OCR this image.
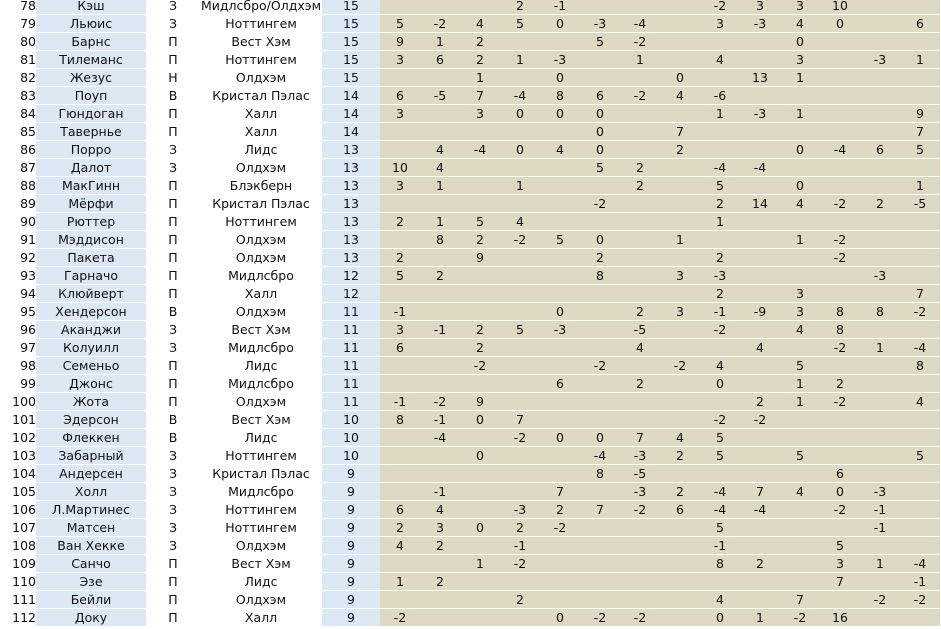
78	Кэш	З	Мидлсбро/Олдхэм	15				2	-1				-2	3	3	10			
79	Льюис	З	Ноттингем	15	5	-2	4	5	0	-3	-4		3	-3	4	0		6	
80	Барнс	П	Вест Хэм	15	9	1	2			5	-2				0				
81	Тилеманс	П	Ноттингем	15	3	6	2	1	-3		1		4		3		-3	1	
82	Жезус	Н	Олдхэм	15			1		0			0		13	1				
83	Поуп	В	Кристал Пэлас	14	6	-5	7	-4	8	6	-2	4	-6						
84	Гюндоган	П	Халл	14	3		3	0	0	0			1	-3	1			9	
85	Таверньe	П	Халл	14						0		7						7	
86	Порро	З	Лидс	13		4	-4	0	4	0		2			0	-4	6	5	
87	Далот	З	Олдхэм	13	10	4				5	2		-4	-4					
88	МакГинн	П	Блэкберн	13	3	1		1			2		5		0			1	
89	Мёрфи	П	Кристал Пэлас	13						-2			2	14	4	-2	2	-5	
90	Рюттер	П	Ноттингем	13	2	1	5	4					1						
91	Мэддисон	П	Олдхэм	13		8	2	-2	5	0		1			1	-2			
92	Пакета	П	Олдхэм	13	2		9			2			2			-2			
93	Гарначо	П	Мидлсбро	12	5	2				8		3	-3				-3		
94	Клюйверт	П	Халл	12									2		3			7	
95	Хендерсон	В	Олдхэм	11	-1				0		2	3	-1	-9	3	8	8	-2	
96	Аканджи	З	Вест Хэм	11	3	-1	2	5	-3		-5		-2		4	8			
97	Колуилл	З	Мидлсбро	11	6		2				4			4		-2	1	-4	
98	Семеньо	П	Лидс	11			-2			-2		-2	4		5			8	
99	Джонс	П	Мидлсбро	11					6		2		0		1	2			
100	Жота	П	Олдхэм	11	-1	-2	9							2	1	-2		4	
101	Эдерсон	В	Вест Хэм	10	8	-1	0	7					-2	-2					
102	Флеккен	В	Лидс	10		-4		-2	0	0	7	4	5						
103	Забарный	З	Ноттингем	10			0			-4	-3	2	5		5			5	
104	Андерсен	З	Кристал Пэлас	9						8	-5					6			
105	Холл	З	Мидлсбро	9		-1			7		-3	2	-4	7	4	0	-3		
106	Л.Мартинес	З	Ноттингем	9	6	4		-3	2	7	-2	6	-4	-4		-2	-1		
107	Матсен	З	Ноттингем	9	2	3	0	2	-2				5				-1		
108	Ван Хекке	З	Олдхэм	9	4	2		-1					-1			5			
109	Санчо	П	Вест Хэм	9			1	-2					8	2		3	1	-4	
110	Эзе	П	Лидс	9	1	2										7		-1	
111	Бейли	П	Олдхэм	9				2					4		7		-2	-2	
112	Доку	П	Халл	9	-2				0	-2	-2		0	1	-2	16			
